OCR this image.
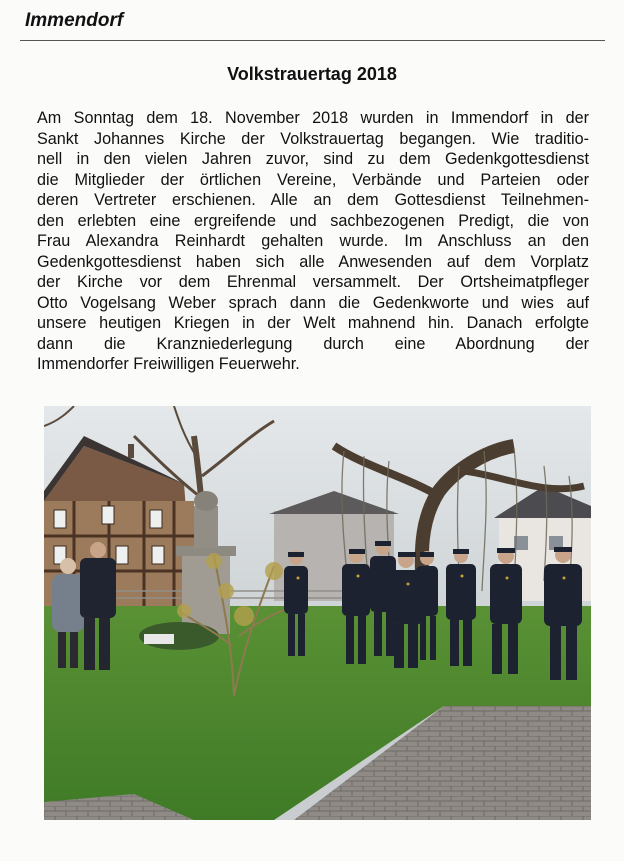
Immendorf
Volkstrauertag 2018

Am Sonntag dem 18. November 2018 wurden in Immendorf in der
Sankt Johannes Kirche der Volkstrauertag begangen. Wie traditio-
nell in den vielen Jahren zuvor, sind zu dem Gedenkgottesdienst
die Mitglieder der örtlichen Vereine, Verbände und Parteien oder
deren Vertreter erschienen. Alle an dem Gottesdienst Teilnehmen-
den erlebten eine ergreifende und sachbezogenen Predigt, die von
Frau Alexandra Reinhardt gehalten wurde. Im Anschluss an den
Gedenkgottesdienst haben sich alle Anwesenden auf dem Vorplatz
der Kirche vor dem Ehrenmal versammelt. Der Ortsheimatpfleger
Otto Vogelsang Weber sprach dann die Gedenkworte und wies auf
unsere heutigen Kriegen in der Welt mahnend hin. Danach erfolgte
dann die Kranzniederlegung durch eine Abordnung der
Immendorfer Freiwilligen Feuerwehr.
